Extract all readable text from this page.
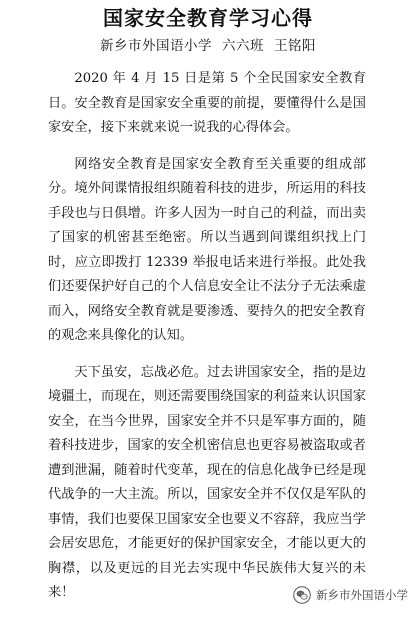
国家安全教育学习心得
新乡市外国语小学 六六班 王铭阳

2020 年 4 月 15 日是第 5 个全民国家安全教育日。安全教育是国家安全重要的前提，要懂得什么是国家安全，接下来就来说一说我的心得体会。

网络安全教育是国家安全教育至关重要的组成部分。境外间谍情报组织随着科技的进步，所运用的科技手段也与日俱增。许多人因为一时自己的利益，而出卖了国家的机密甚至绝密。所以当遇到间谍组织找上门时，应立即拨打 12339 举报电话来进行举报。此处我们还要保护好自己的个人信息安全让不法分子无法乘虚而入，网络安全教育就是要渗透、要持久的把安全教育的观念来具像化的认知。

天下虽安，忘战必危。过去讲国家安全，指的是边境疆土，而现在，则还需要围绕国家的利益来认识国家安全，在当今世界，国家安全并不只是军事方面的，随着科技进步，国家的安全机密信息也更容易被盗取或者遭到泄漏，随着时代变革，现在的信息化战争已经是现代战争的一大主流。所以，国家安全并不仅仅是军队的事情，我们也要保卫国家安全也要义不容辞，我应当学会居安思危，才能更好的保护国家安全，才能以更大的胸襟，以及更远的目光去实现中华民族伟大复兴的未来！	新乡市外国语小学
